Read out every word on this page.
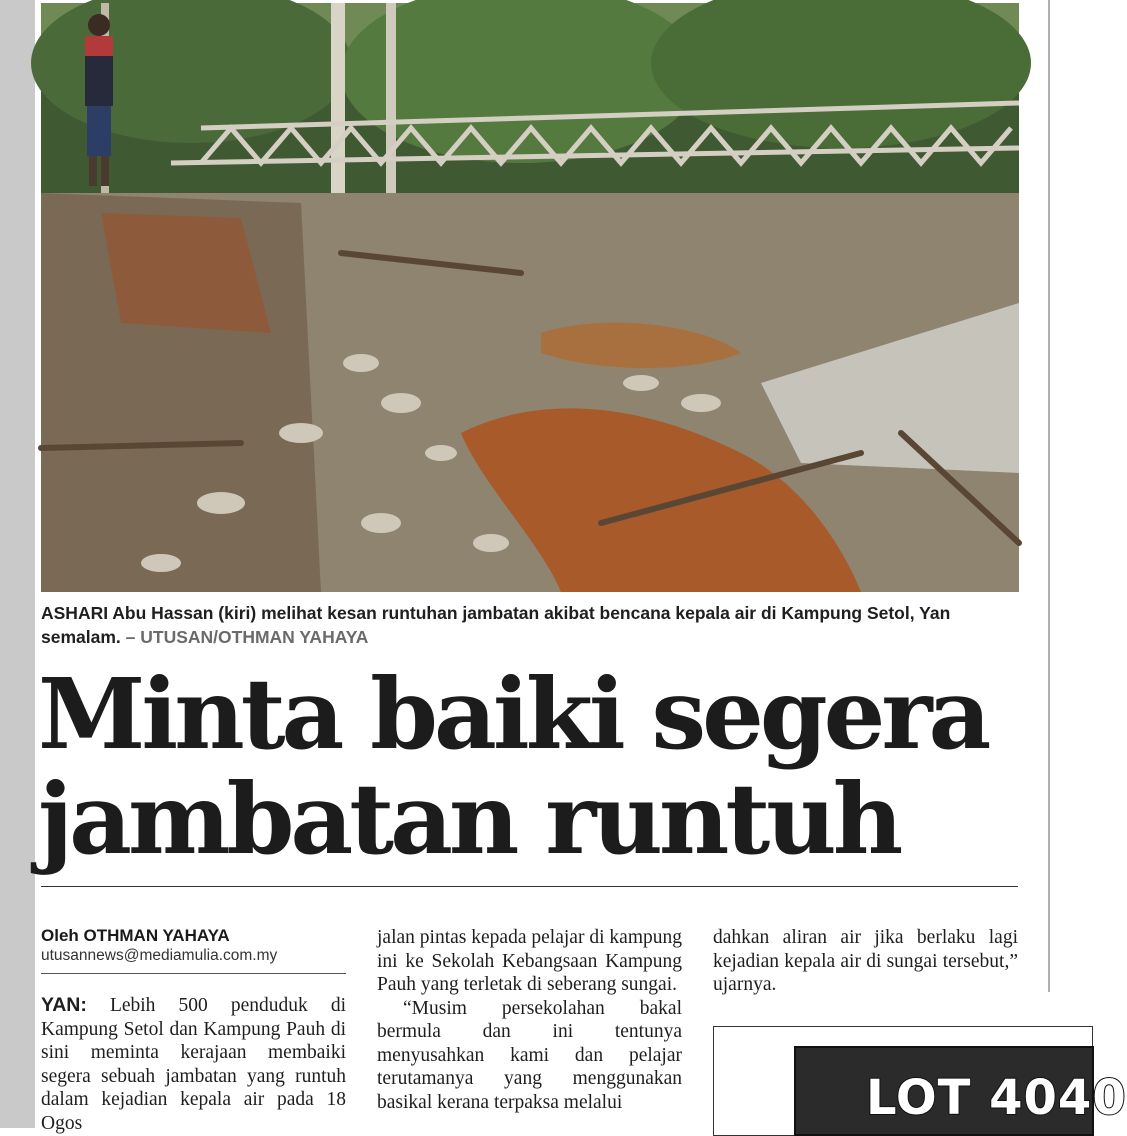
ASHARI Abu Hassan (kiri) melihat kesan runtuhan jambatan akibat bencana kepala air di Kampung Setol, Yan semalam. – UTUSAN/OTHMAN YAHAYA
Minta baiki segera
jambatan runtuh
Oleh OTHMAN YAHAYA
utusannews@mediamulia.com.my

YAN: Lebih 500 penduduk di Kampung Setol dan Kampung Pauh di sini meminta kerajaan membaiki segera sebuah jambatan yang runtuh dalam kejadian kepala air pada 18 Ogos

jalan pintas kepada pelajar di kampung ini ke Sekolah Kebangsaan Kampung Pauh yang terletak di seberang sungai.

“Musim persekolahan bakal bermula dan ini tentunya menyusahkan kami dan pelajar terutamanya yang menggunakan basikal kerana terpaksa melalui

dahkan aliran air jika berlaku lagi kejadian kepala air di sungai tersebut,” ujarnya.

LOT 4040
